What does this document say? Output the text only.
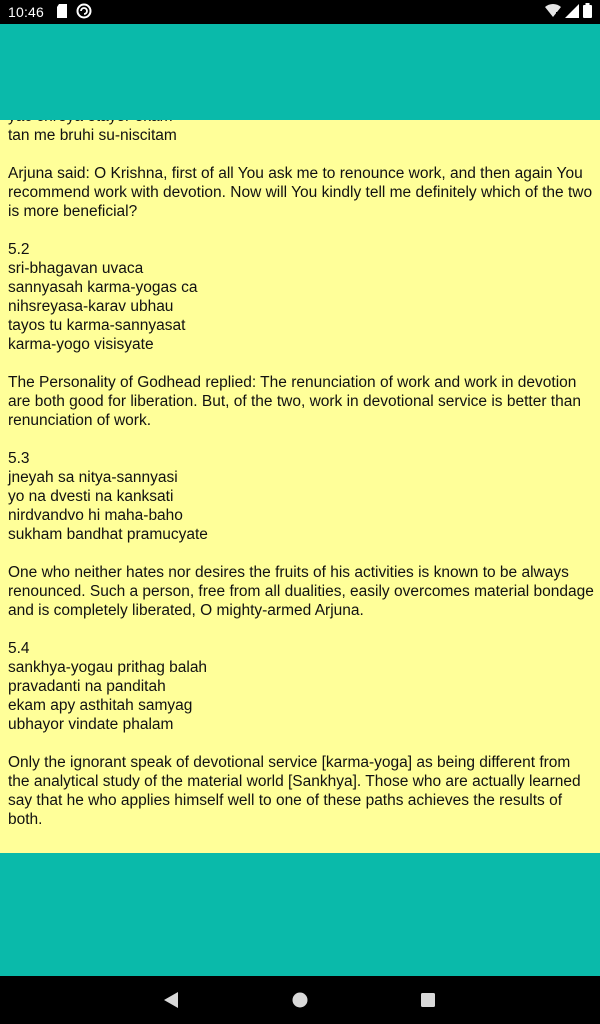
10:46

tan me bruhi su-niscitam

Arjuna said: O Krishna, first of all You ask me to renounce work, and then again You recommend work with devotion. Now will You kindly tell me definitely which of the two is more beneficial?

5.2

sri-bhagavan uvaca

sannyasah karma-yogas ca

nihsreyasa-karav ubhau

tayos tu karma-sannyasat

karma-yogo visisyate

The Personality of Godhead replied: The renunciation of work and work in devotion are both good for liberation. But, of the two, work in devotional service is better than renunciation of work.

5.3

jneyah sa nitya-sannyasi

yo na dvesti na kanksati

nirdvandvo hi maha-baho

sukham bandhat pramucyate

One who neither hates nor desires the fruits of his activities is known to be always renounced. Such a person, free from all dualities, easily overcomes material bondage and is completely liberated, O mighty-armed Arjuna.

5.4

sankhya-yogau prithag balah

pravadanti na panditah

ekam apy asthitah samyag

ubhayor vindate phalam

Only the ignorant speak of devotional service [karma-yoga] as being different from the analytical study of the material world [Sankhya]. Those who are actually learned say that he who applies himself well to one of these paths achieves the results of both.
